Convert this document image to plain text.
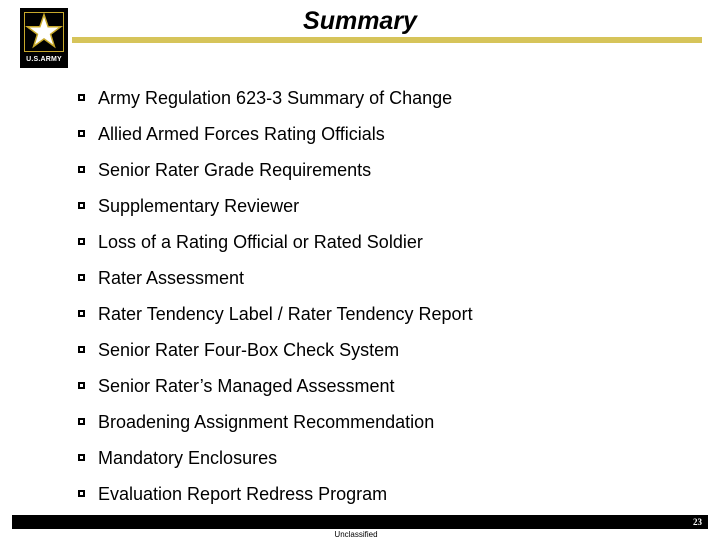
U.S.ARMY
Summary
Army Regulation 623-3 Summary of Change
Allied Armed Forces Rating Officials
Senior Rater Grade Requirements
Supplementary Reviewer
Loss of a Rating Official or Rated Soldier
Rater Assessment
Rater Tendency Label / Rater Tendency Report
Senior Rater Four-Box Check System
Senior Rater’s Managed Assessment
Broadening Assignment Recommendation
Mandatory Enclosures
Evaluation Report Redress Program
23
Unclassified
